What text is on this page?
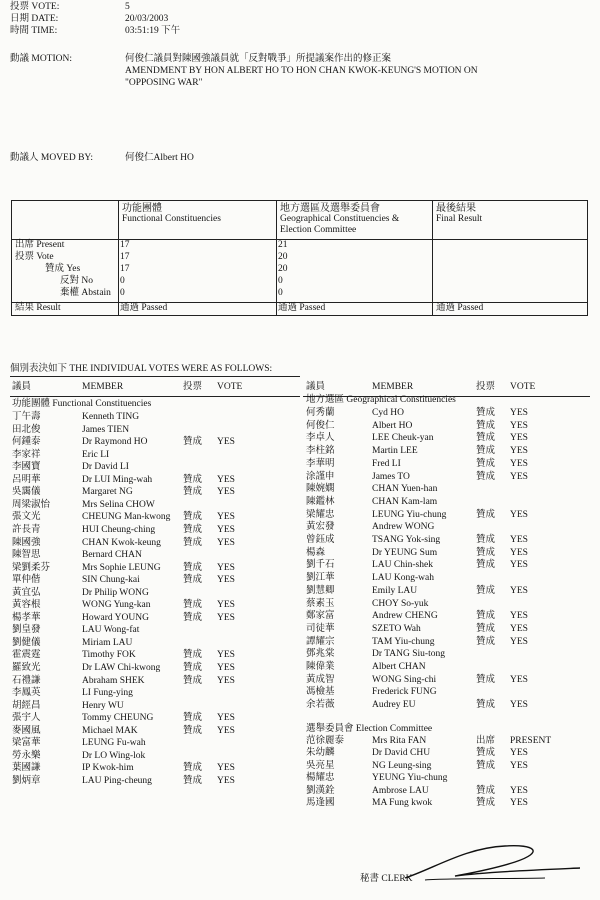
投票 VOTE:	5
日期 DATE:	20/03/2003
時間 TIME:	03:51:19 下午
動議 MOTION:	何俊仁議員對陳國強議員就「反對戰爭」所提議案作出的修正案
AMENDMENT BY HON ALBERT HO TO HON CHAN KWOK-KEUNG'S MOTION ON
"OPPOSING WAR"
動議人 MOVED BY:	何俊仁Albert HO
功能團體
Functional Constituencies
地方選區及選舉委員會
Geographical Constituencies &
Election Committee
最後結果
Final Result
出席 Present	17	21
投票 Vote	17	20
贊成 Yes	17	20
反對 No	0	0
棄權 Abstain 0	0
結果 Result	通過 Passed	通過 Passed	通過 Passed
個別表決如下 THE INDIVIDUAL VOTES WERE AS FOLLOWS:
議員	MEMBER	投票 VOTE	議員	MEMBER	投票 VOTE
功能團體 Functional Constituencies	地方選區 Geographical Constituencies
選舉委員會 Election Committee
丁午壽	Kenneth TING
田北俊	James TIEN
何鍾泰	Dr Raymond HO	贊成 YES
李家祥	Eric LI
李國寶	Dr David LI
呂明華	Dr LUI Ming-wah	贊成 YES
吳靄儀	Margaret NG	贊成 YES
周梁淑怡	Mrs Selina CHOW
張文光	CHEUNG Man-kwong 贊成 YES
許長青	HUI Cheung-ching	贊成 YES
陳國強	CHAN Kwok-keung 贊成 YES
陳智思	Bernard CHAN
梁劉柔芬	Mrs Sophie LEUNG 贊成 YES
單仲偕	SIN Chung-kai	贊成 YES
黃宜弘	Dr Philip WONG
黃容根	WONG Yung-kan	贊成 YES
楊孝華	Howard YOUNG	贊成 YES
劉皇發	LAU Wong-fat
劉健儀	Miriam LAU
霍震霆	Timothy FOK	贊成 YES
羅致光	Dr LAW Chi-kwong 贊成 YES
石禮謙	Abraham SHEK	贊成 YES
李鳳英	LI Fung-ying
胡經昌	Henry WU
張宇人	Tommy CHEUNG	贊成 YES
麥國風	Michael MAK	贊成 YES
梁富華	LEUNG Fu-wah
勞永樂	Dr LO Wing-lok
葉國謙	IP Kwok-him	贊成 YES
劉炳章	LAU Ping-cheung	贊成 YES
何秀蘭	Cyd HO	贊成 YES
何俊仁	Albert HO	贊成 YES
李卓人	LEE Cheuk-yan	贊成 YES
李柱銘	Martin LEE	贊成 YES
李華明	Fred LI	贊成 YES
涂謹申	James TO	贊成 YES
陳婉嫻	CHAN Yuen-han
陳鑑林	CHAN Kam-lam
梁耀忠	LEUNG Yiu-chung	贊成 YES
黃宏發	Andrew WONG
曾鈺成	TSANG Yok-sing	贊成 YES
楊森	Dr YEUNG Sum	贊成 YES
劉千石	LAU Chin-shek	贊成 YES
劉江華	LAU Kong-wah
劉慧卿	Emily LAU	贊成 YES
蔡素玉	CHOY So-yuk
鄭家富	Andrew CHENG	贊成 YES
司徒華	SZETO Wah	贊成 YES
譚耀宗	TAM Yiu-chung	贊成 YES
鄧兆棠	Dr TANG Siu-tong
陳偉業	Albert CHAN
黃成智	WONG Sing-chi	贊成 YES
馮檢基	Frederick FUNG
余若薇	Audrey EU	贊成 YES
范徐麗泰	Mrs Rita FAN	出席 PRESENT
朱幼麟	Dr David CHU	贊成 YES
吳亮星	NG Leung-sing	贊成 YES
楊耀忠	YEUNG Yiu-chung
劉漢銓	Ambrose LAU	贊成 YES
馬逢國	MA Fung kwok	贊成 YES
秘書 CLERK
